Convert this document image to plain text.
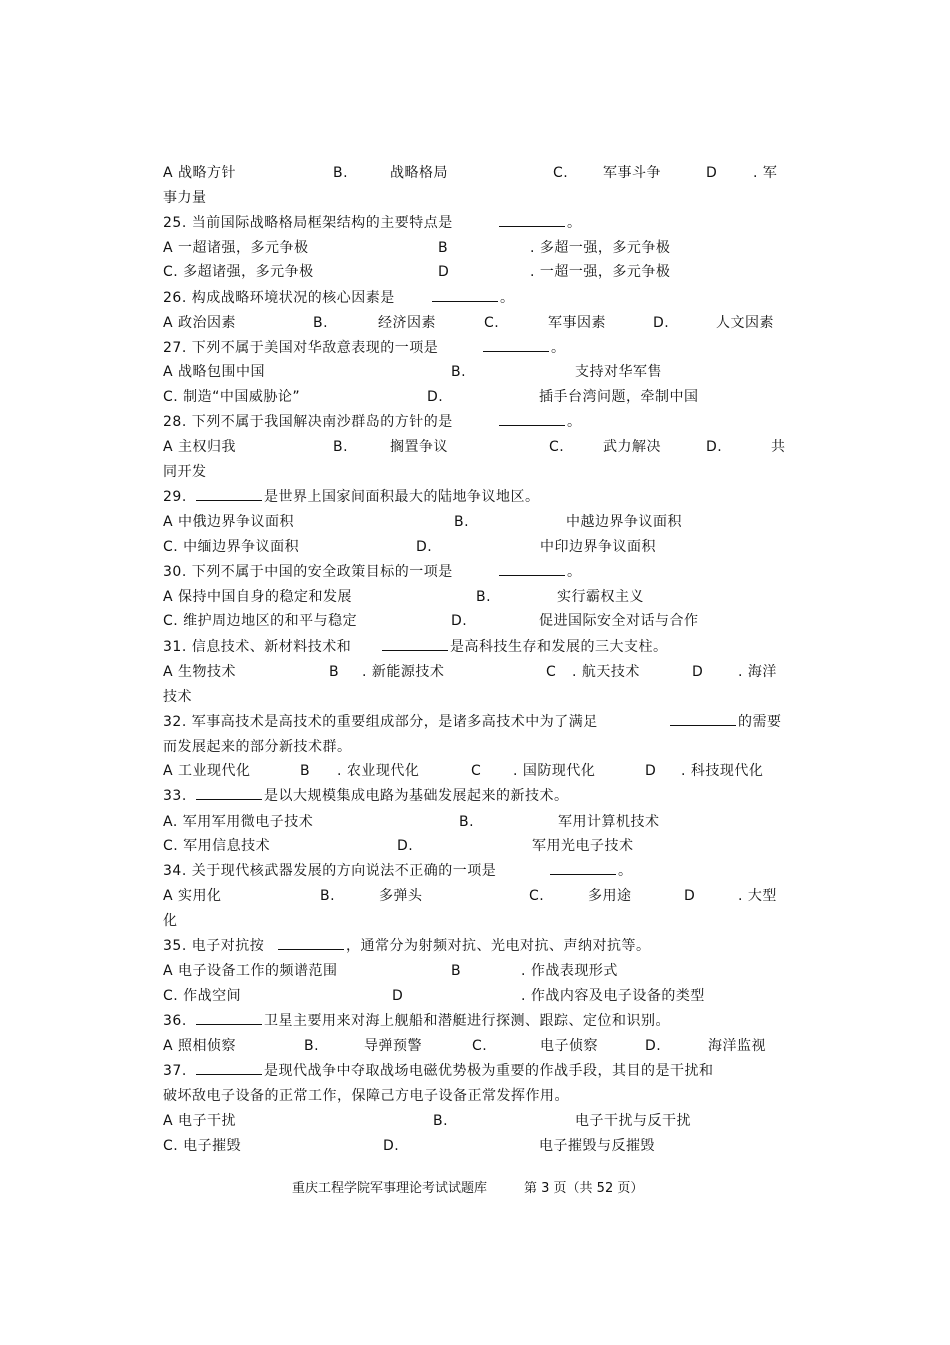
A 战略方针	B.	战略格局	C. 军事斗争	D	. 军
事力量
25. 当前国际战略格局框架结构的主要特点是	。
A 一超诸强，多元争极	B	. 多超一强，多元争极
C. 多超诸强，多元争极	D	. 一超一强，多元争极
26. 构成战略环境状况的核心因素是	。
A 政治因素	B.	经济因素	C.	军事因素	D.	人文因素
27. 下列不属于美国对华敌意表现的一项是	。
A 战略包围中国	B.	支持对华军售
C. 制造“中国威胁论”	D.	插手台湾问题，牵制中国
28. 下列不属于我国解决南沙群岛的方针的是	。
A 主权归我	B.	搁置争议	C.	武力解决	D.	共
同开发
29.	是世界上国家间面积最大的陆地争议地区。
A 中俄边界争议面积	B.	中越边界争议面积
C. 中缅边界争议面积	D.	中印边界争议面积
30. 下列不属于中国的安全政策目标的一项是	。
A 保持中国自身的稳定和发展	B.	实行霸权主义
C. 维护周边地区的和平与稳定	D.	促进国际安全对话与合作
31. 信息技术、新材料技术和	是高科技生存和发展的三大支柱。
A 生物技术	B . 新能源技术	C . 航天技术	D . 海洋
技术
32. 军事高技术是高技术的重要组成部分，是诸多高技术中为了满足	的需要
而发展起来的部分新技术群。
A 工业现代化	B . 农业现代化	C . 国防现代化	D . 科技现代化
33.	是以大规模集成电路为基础发展起来的新技术。
A. 军用军用微电子技术	B.	军用计算机技术
C. 军用信息技术	D.	军用光电子技术
34. 关于现代核武器发展的方向说法不正确的一项是	。
A 实用化	B.	多弹头	C.	多用途	D	. 大型
化
35. 电子对抗按	，通常分为射频对抗、光电对抗、声纳对抗等。
A 电子设备工作的频谱范围	B	. 作战表现形式
C. 作战空间	D	. 作战内容及电子设备的类型
36.	卫星主要用来对海上舰船和潜艇进行探测、跟踪、定位和识别。
A 照相侦察	B.	导弹预警	C.	电子侦察	D.	海洋监视
37.	是现代战争中夺取战场电磁优势极为重要的作战手段，其目的是干扰和
破坏敌电子设备的正常工作，保障己方电子设备正常发挥作用。
A 电子干扰	B.	电子干扰与反干扰
C. 电子摧毁	D.	电子摧毁与反摧毁
重庆工程学院军事理论考试试题库	第 3 页（共 52 页）
